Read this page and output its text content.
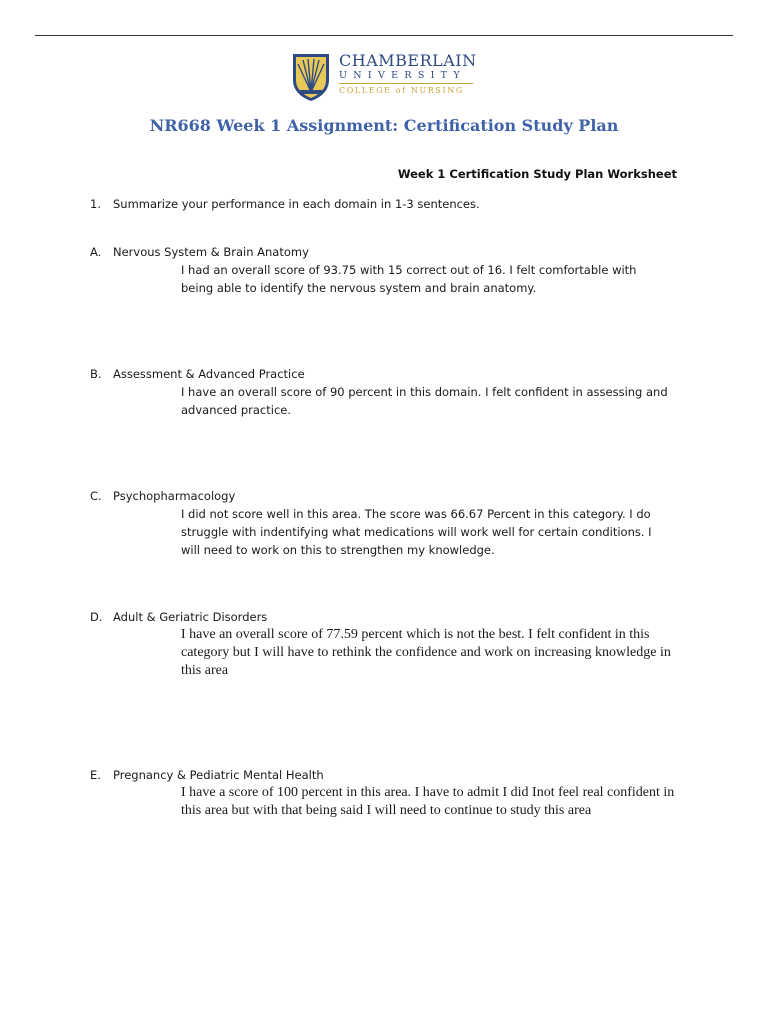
CHAMBERLAIN
UNIVERSITY
COLLEGE of NURSING
NR668 Week 1 Assignment: Certification Study Plan
Week 1 Certification Study Plan Worksheet
1. Summarize your performance in each domain in 1-3 sentences.
A. Nervous System & Brain Anatomy
I had an overall score of 93.75 with 15 correct out of 16. I felt comfortable with being able to identify the nervous system and brain anatomy.
B. Assessment & Advanced Practice
I have an overall score of 90 percent in this domain. I felt confident in assessing and advanced practice.
C. Psychopharmacology
I did not score well in this area. The score was 66.67 Percent in this category. I do struggle with indentifying what medications will work well for certain conditions. I will need to work on this to strengthen my knowledge.
D. Adult & Geriatric Disorders
I have an overall score of 77.59 percent which is not the best. I felt confident in this category but I will have to rethink the confidence and work on increasing knowledge in this area
E. Pregnancy & Pediatric Mental Health
I have a score of 100 percent in this area. I have to admit I did Inot feel real confident in this area but with that being said I will need to continue to study this area
